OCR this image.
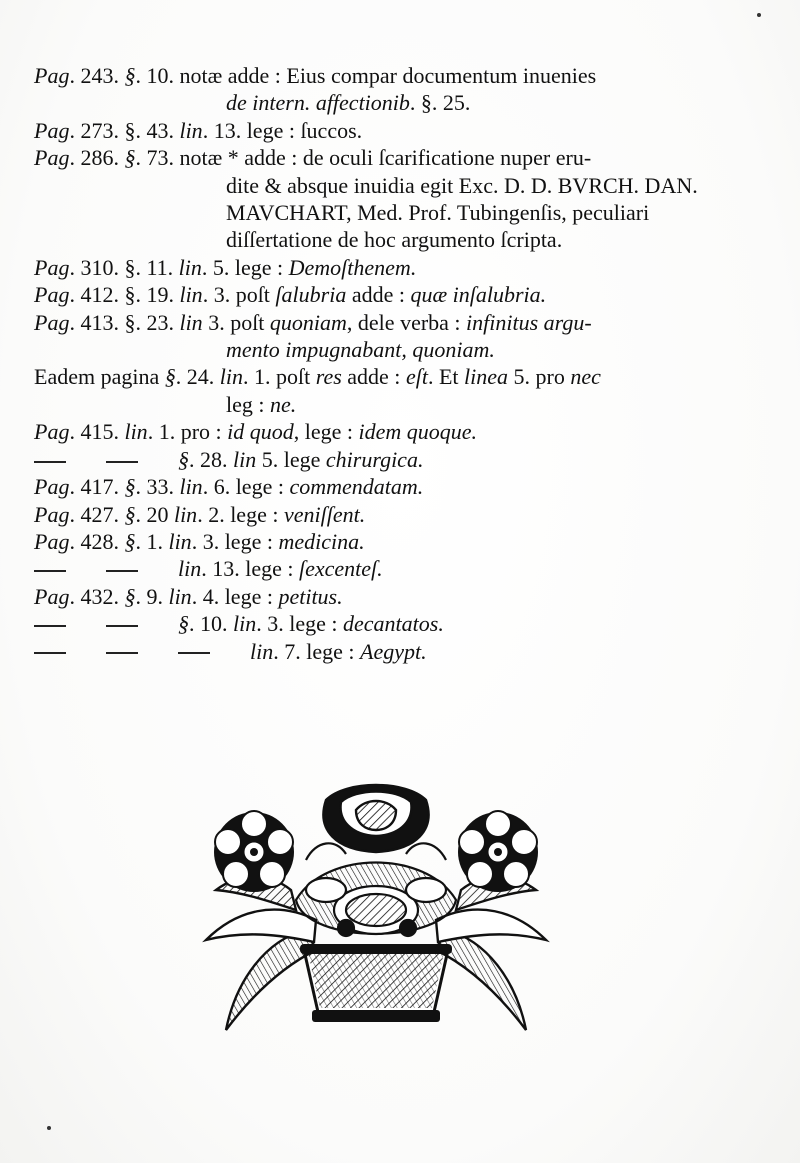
Pag. 243. §. 10. notæ adde : Eius compar documentum inuenies
de intern. affectionib. §. 25.
Pag. 273. §. 43. lin. 13. lege : ſuccos.
Pag. 286. §. 73. notæ * adde : de oculi ſcarificatione nuper eru-
dite & absque inuidia egit Exc. D. D. BVRCH. DAN.
MAVCHART, Med. Prof. Tubingenſis, peculiari
diſſertatione de hoc argumento ſcripta.
Pag. 310. §. 11. lin. 5. lege : Demoſthenem.
Pag. 412. §. 19. lin. 3. poſt ſalubria adde : quæ inſalubria.
Pag. 413. §. 23. lin 3. poſt quoniam, dele verba : infinitus argu-
mento impugnabant, quoniam.
Eadem pagina §. 24. lin. 1. poſt res adde : eſt. Et linea 5. pro nec
leg : ne.
Pag. 415. lin. 1. pro : id quod, lege : idem quoque.
§. 28. lin 5. lege chirurgica.
Pag. 417. §. 33. lin. 6. lege : commendatam.
Pag. 427. §. 20 lin. 2. lege : veniſſent.
Pag. 428. §. 1. lin. 3. lege : medicina.
lin. 13. lege : ſexcenteſ.
Pag. 432. §. 9. lin. 4. lege : petitus.
§. 10. lin. 3. lege : decantatos.
lin. 7. lege : Aegypt.
